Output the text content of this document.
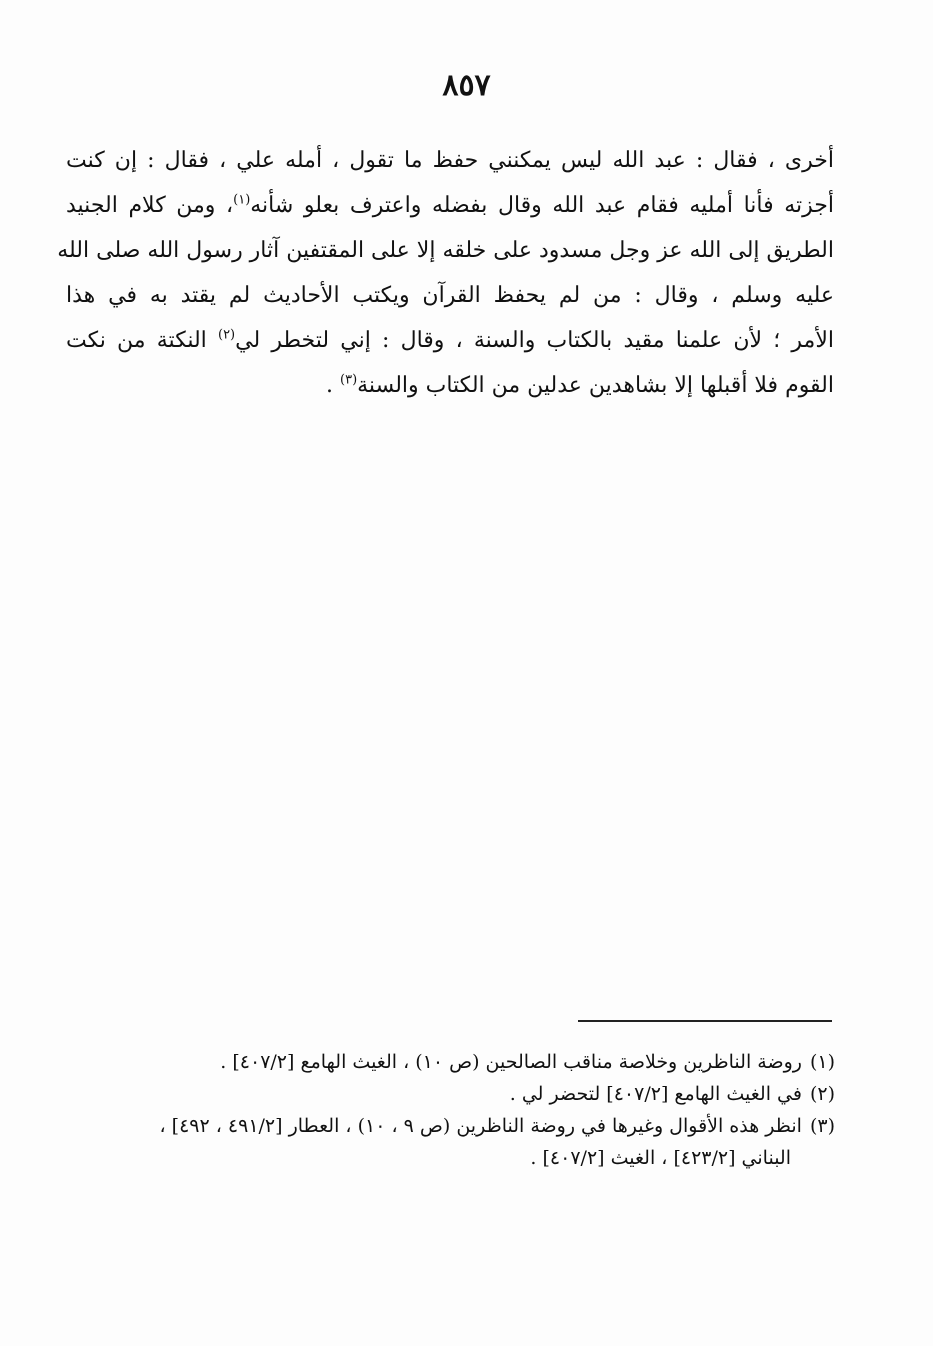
٨٥٧
أخرى ، فقال : عبد الله ليس يمكنني حفظ ما تقول ، أمله علي ، فقال : إن كنت
أجزته فأنا أمليه فقام عبد الله وقال بفضله واعترف بعلو شأنه$^{(١)}$، ومن كلام الجنيد
الطريق إلى الله عز وجل مسدود على خلقه إلا على المقتفين آثار رسول الله صلى الله
عليه وسلم ، وقال : من لم يحفظ القرآن ويكتب الأحاديث لم يقتد به في هذا
الأمر ؛ لأن علمنا مقيد بالكتاب والسنة ، وقال : إني لتخطر لي$^{(٢)}$ النكتة من نكت
القوم فلا أقبلها إلا بشاهدين عدلين من الكتاب والسنة$^{(٣)}$ .
(١)روضة الناظرين وخلاصة مناقب الصالحين (ص ١٠) ، الغيث الهامع [٤٠٧/٢] .
(٢)في الغيث الهامع [٤٠٧/٢] لتحضر لي .
(٣)انظر هذه الأقوال وغيرها في روضة الناظرين (ص ٩ ، ١٠) ، العطار [٤٩١/٢ ، ٤٩٢] ،
البناني [٤٢٣/٢] ، الغيث [٤٠٧/٢] .
